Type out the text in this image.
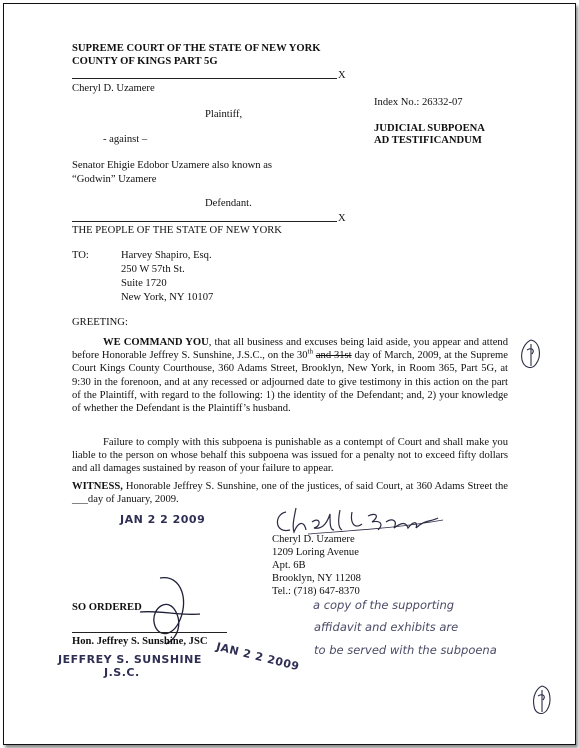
SUPREME COURT OF THE STATE OF NEW YORK
COUNTY OF KINGS PART 5G
X
Cheryl D. Uzamere
Plaintiff,
- against –
Senator Ehigie Edobor Uzamere also known as
“Godwin” Uzamere
Defendant.
X
THE PEOPLE OF THE STATE OF NEW YORK
Index No.: 26332-07
JUDICIAL SUBPOENA
AD TESTIFICANDUM
TO:	Harvey Shapiro, Esq.
250 W 57th St.
Suite 1720
New York, NY 10107
GREETING:
WE COMMAND YOU, that all business and excuses being laid aside, you appear and attend before Honorable Jeffrey S. Sunshine, J.S.C., on the 30th and 31st day of March, 2009, at the Supreme Court Kings County Courthouse, 360 Adams Street, Brooklyn, New York, in Room 365, Part 5G, at 9:30 in the forenoon, and at any recessed or adjourned date to give testimony in this action on the part of the Plaintiff, with regard to the following: 1) the identity of the Defendant; and, 2) your knowledge of whether the Defendant is the Plaintiff’s husband.
Failure to comply with this subpoena is punishable as a contempt of Court and shall make you liable to the person on whose behalf this subpoena was issued for a penalty not to exceed fifty dollars and all damages sustained by reason of your failure to appear.
WITNESS, Honorable Jeffrey S. Sunshine, one of the justices, of said Court, at 360 Adams Street the ___day of January, 2009.
JAN 2 2 2009
Cheryl D. Uzamere
1209 Loring Avenue
Apt. 6B
Brooklyn, NY 11208
Tel.: (718) 647-8370
SO ORDERED
Hon. Jeffrey S. Sunshine, JSC
JEFFREY S. SUNSHINE
J.S.C.	JAN 2 2 2009
a copy of the supporting
affidavit and exhibits are
to be served with the subpoena
